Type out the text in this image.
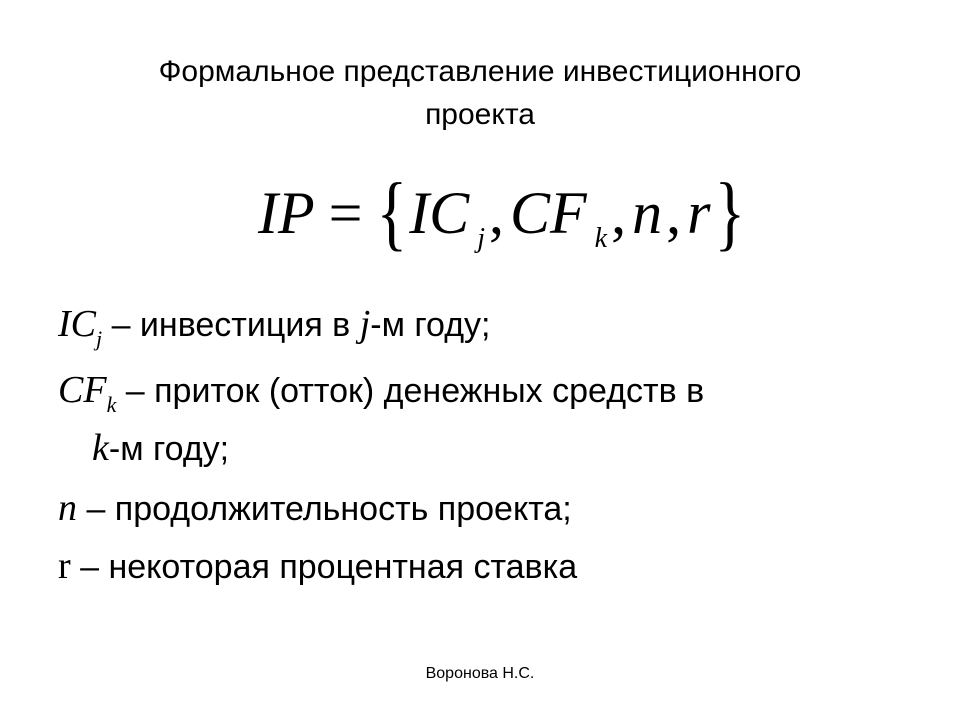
Формальное представление инвестиционного
проекта
IP = {IC j, CF k, n, r}
$IC_j$ – инвестиция в j-м году;
$CF_k$ – приток (отток) денежных средств в
k-м году;
n – продолжительность проекта;
r – некоторая процентная ставка
Воронова Н.С.
